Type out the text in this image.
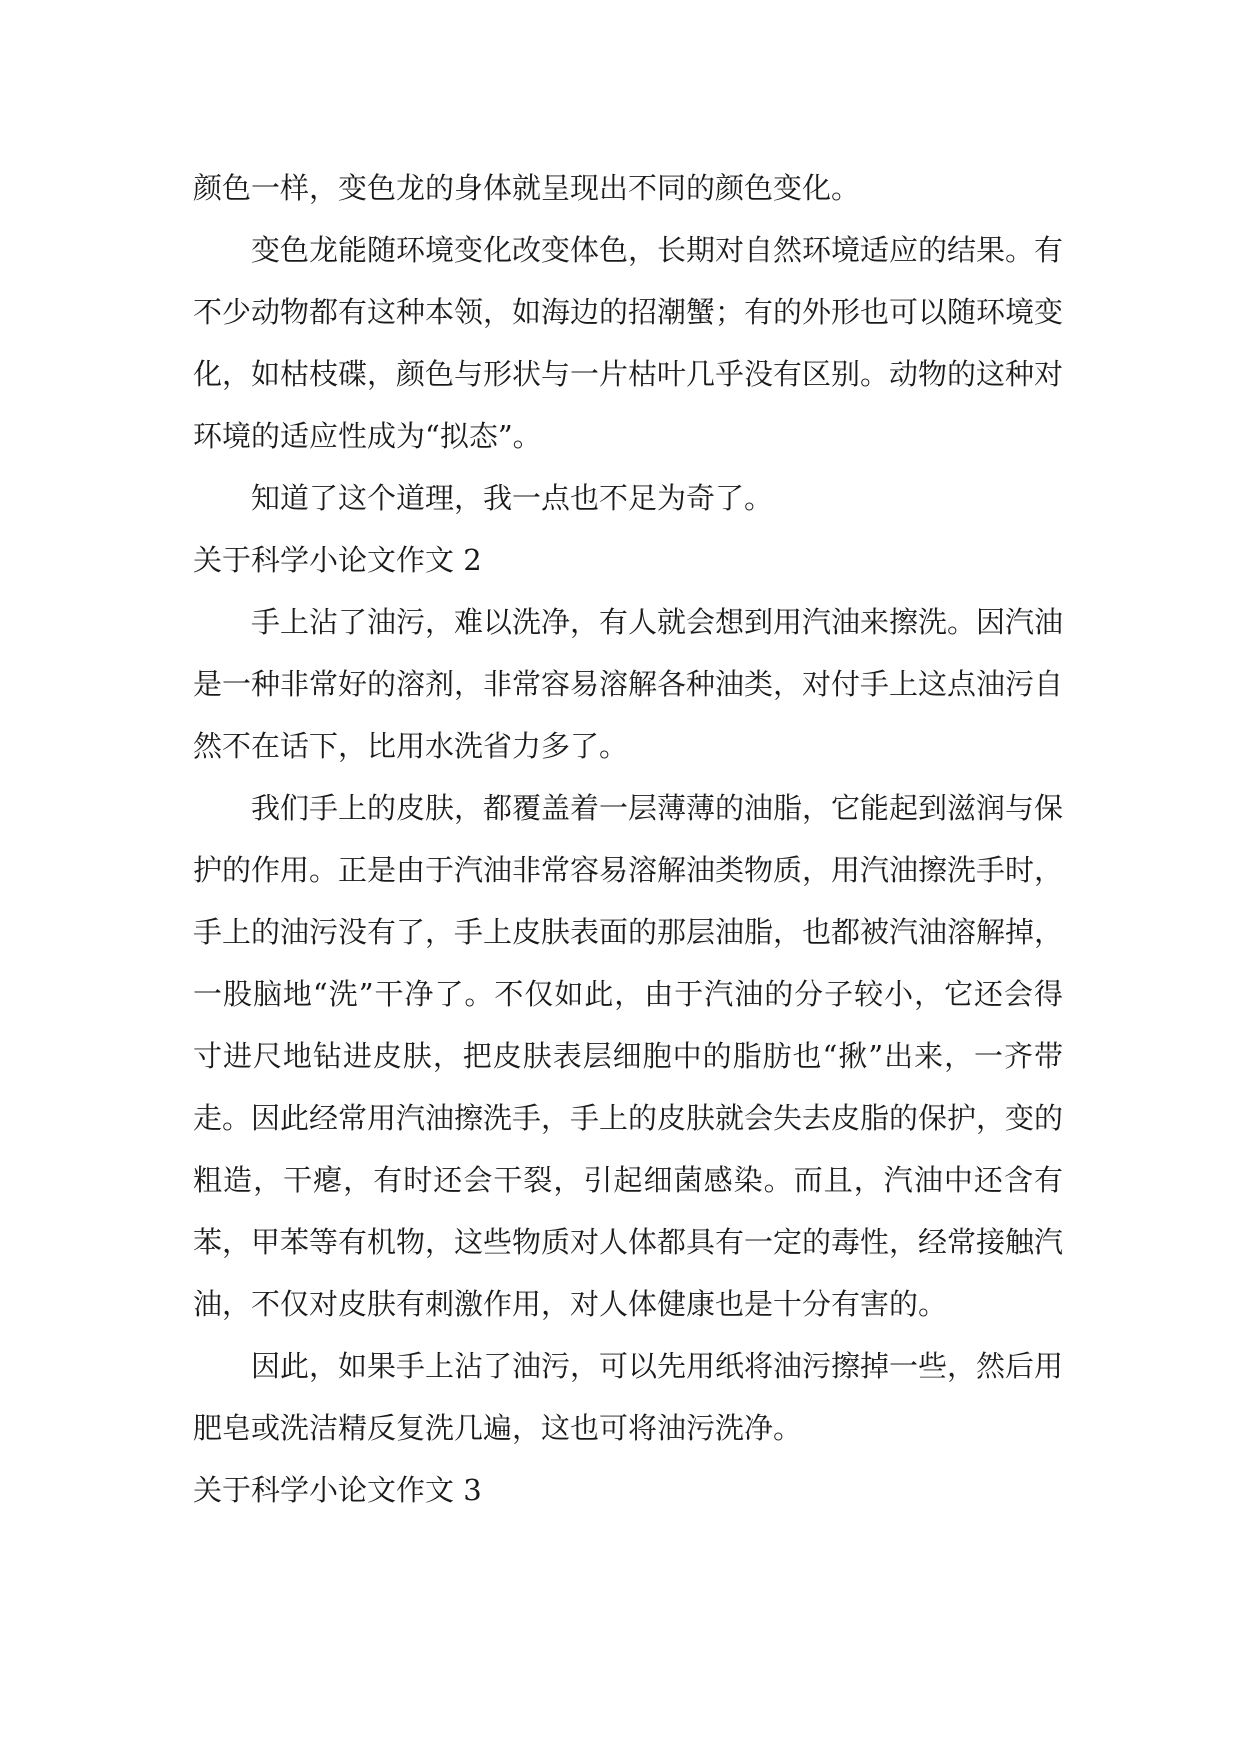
颜色一样，变色龙的身体就呈现出不同的颜色变化。

变色龙能随环境变化改变体色，长期对自然环境适应的结果。有不少动物都有这种本领，如海边的招潮蟹；有的外形也可以随环境变化，如枯枝碟，颜色与形状与一片枯叶几乎没有区别。动物的这种对环境的适应性成为“拟态”。

知道了这个道理，我一点也不足为奇了。

关于科学小论文作文 2

手上沾了油污，难以洗净，有人就会想到用汽油来擦洗。因汽油是一种非常好的溶剂，非常容易溶解各种油类，对付手上这点油污自然不在话下，比用水洗省力多了。

我们手上的皮肤，都覆盖着一层薄薄的油脂，它能起到滋润与保护的作用。正是由于汽油非常容易溶解油类物质，用汽油擦洗手时，手上的油污没有了，手上皮肤表面的那层油脂，也都被汽油溶解掉，一股脑地“洗”干净了。不仅如此，由于汽油的分子较小，它还会得寸进尺地钻进皮肤，把皮肤表层细胞中的脂肪也“揪”出来，一齐带走。因此经常用汽油擦洗手，手上的皮肤就会失去皮脂的保护，变的粗造，干瘪，有时还会干裂，引起细菌感染。而且，汽油中还含有苯，甲苯等有机物，这些物质对人体都具有一定的毒性，经常接触汽油，不仅对皮肤有刺激作用，对人体健康也是十分有害的。

因此，如果手上沾了油污，可以先用纸将油污擦掉一些，然后用肥皂或洗洁精反复洗几遍，这也可将油污洗净。

关于科学小论文作文 3
